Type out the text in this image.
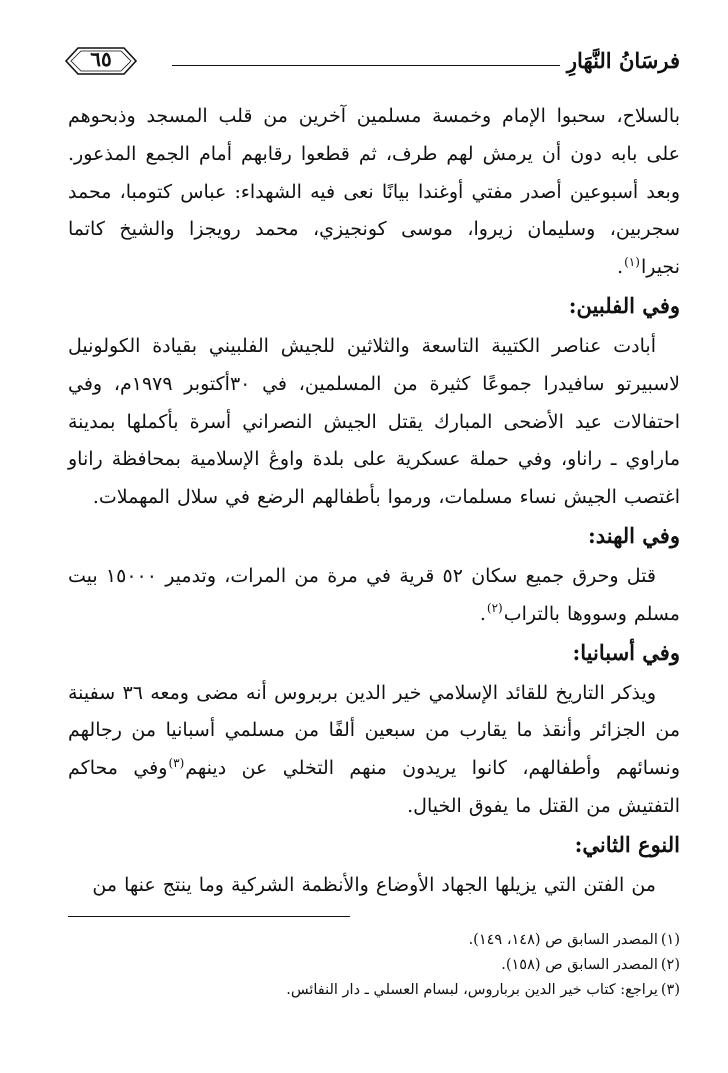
فرسَانُ النَّهَارِ
٦٥

بالسلاح، سحبوا الإمام وخمسة مسلمين آخرين من قلب المسجد وذبحوهم على بابه دون أن يرمش لهم طرف، ثم قطعوا رقابهم أمام الجمع المذعور. وبعد أسبوعين أصدر مفتي أوغندا بيانًا نعى فيه الشهداء: عباس كتومبا، محمد سجربين، وسليمان زيروا، موسى كونجيزي، محمد رويجزا والشيخ كاتما نجيرا$^{(١)}$.

وفي الفلبين:

أبادت عناصر الكتيبة التاسعة والثلاثين للجيش الفلبيني بقيادة الكولونيل لاسبيرتو سافيدرا جموعًا كثيرة من المسلمين، في ٣٠أكتوبر ١٩٧٩م، وفي احتفالات عيد الأضحى المبارك يقتل الجيش النصراني أسرة بأكملها بمدينة ماراوي ـ راناو، وفي حملة عسكرية على بلدة واوڠ الإسلامية بمحافظة راناو اغتصب الجيش نساء مسلمات، ورموا بأطفالهم الرضع في سلال المهملات.

وفي الهند:

قتل وحرق جميع سكان ٥٢ قرية في مرة من المرات، وتدمير ١٥٠٠٠ بيت مسلم وسووها بالتراب$^{(٢)}$.

وفي أسبانيا:

ويذكر التاريخ للقائد الإسلامي خير الدين بربروس أنه مضى ومعه ٣٦ سفينة من الجزائر وأنقذ ما يقارب من سبعين ألفًا من مسلمي أسبانيا من رجالهم ونسائهم وأطفالهم، كانوا يريدون منهم التخلي عن دينهم$^{(٣)}$وفي محاكم التفتيش من القتل ما يفوق الخيال.

النوع الثاني:

من الفتن التي يزيلها الجهاد الأوضاع والأنظمة الشركية وما ينتج عنها من

(١)المصدر السابق ص (١٤٨، ١٤٩).

(٢)المصدر السابق ص (١٥٨).

(٣)يراجع: كتاب خير الدين برباروس، لبسام العسلي ـ دار النفائس.
